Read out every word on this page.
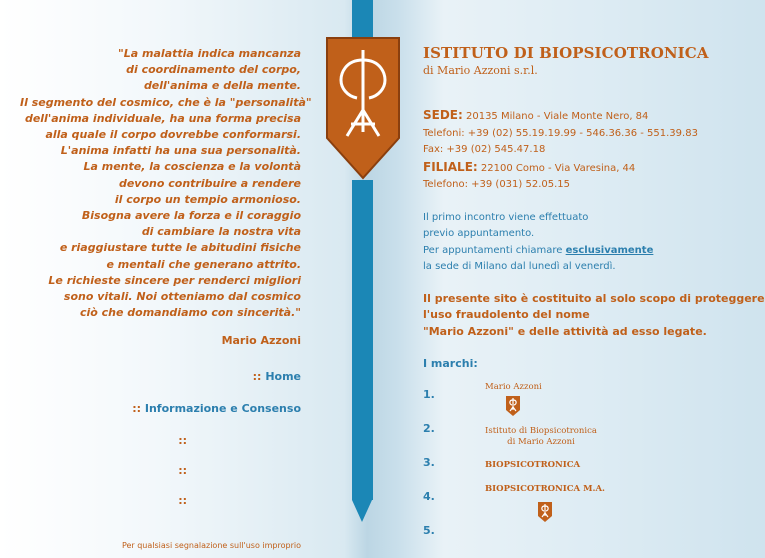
"La malattia indica mancanza
di coordinamento del corpo,
dell'anima e della mente.
Il segmento del cosmico, che è la "personalità"
dell'anima individuale, ha una forma precisa
alla quale il corpo dovrebbe conformarsi.
L'anima infatti ha una sua personalità.
La mente, la coscienza e la volontà
devono contribuire a rendere
il corpo un tempio armonioso.
Bisogna avere la forza e il coraggio
di cambiare la nostra vita
e riaggiustare tutte le abitudini fisiche
e mentali che generano attrito.
Le richieste sincere per renderci migliori
sono vitali. Noi otteniamo dal cosmico
ciò che domandiamo con sincerità."
Mario Azzoni
:: Home
:: Informazione e Consenso
::
::
::
Per qualsiasi segnalazione sull'uso improprio
ISTITUTO DI BIOPSICOTRONICA
di Mario Azzoni s.r.l.
SEDE: 20135 Milano - Viale Monte Nero, 84
Telefoni: +39 (02) 55.19.19.99 - 546.36.36 - 551.39.83
Fax: +39 (02) 545.47.18
FILIALE: 22100 Como - Via Varesina, 44
Telefono: +39 (031) 52.05.15
Il primo incontro viene effettuato
previo appuntamento.
Per appuntamenti chiamare esclusivamente
la sede di Milano dal lunedì al venerdì.
Il presente sito è costituito al solo scopo di proteggere
l'uso fraudolento del nome
"Mario Azzoni" e delle attività ad esso legate.
I marchi:
1.
Mario Azzoni
2.	Istituto di Biopsicotronica
di Mario Azzoni
3.	BIOPSICOTRONICA
4.
BIOPSICOTRONICA M.A.
5.
